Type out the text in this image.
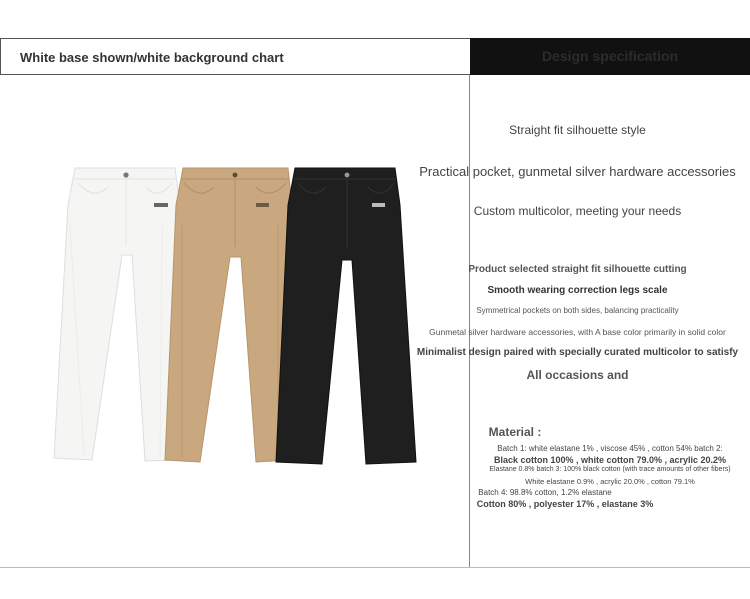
White base shown/white background chart	Design specification
Straight fit silhouette style
Practical pocket, gunmetal silver hardware accessories
Custom multicolor, meeting your needs
Product selected straight fit silhouette cutting
Smooth wearing correction legs scale
Symmetrical pockets on both sides, balancing practicality
Gunmetal silver hardware accessories, with A base color primarily in solid color
Minimalist design paired with specially curated multicolor to satisfy
All occasions and
Material :
Batch 1: white elastane 1% , viscose 45% , cotton 54% batch 2:
Black cotton 100% , white cotton 79.0% , acrylic 20.2%
Elastane 0.8% batch 3: 100% black cotton (with trace amounts of other fibers)
White elastane 0.9% , acrylic 20.0% , cotton 79.1%
Batch 4: 98.8% cotton, 1.2% elastane
Cotton 80% , polyester 17% , elastane 3%
